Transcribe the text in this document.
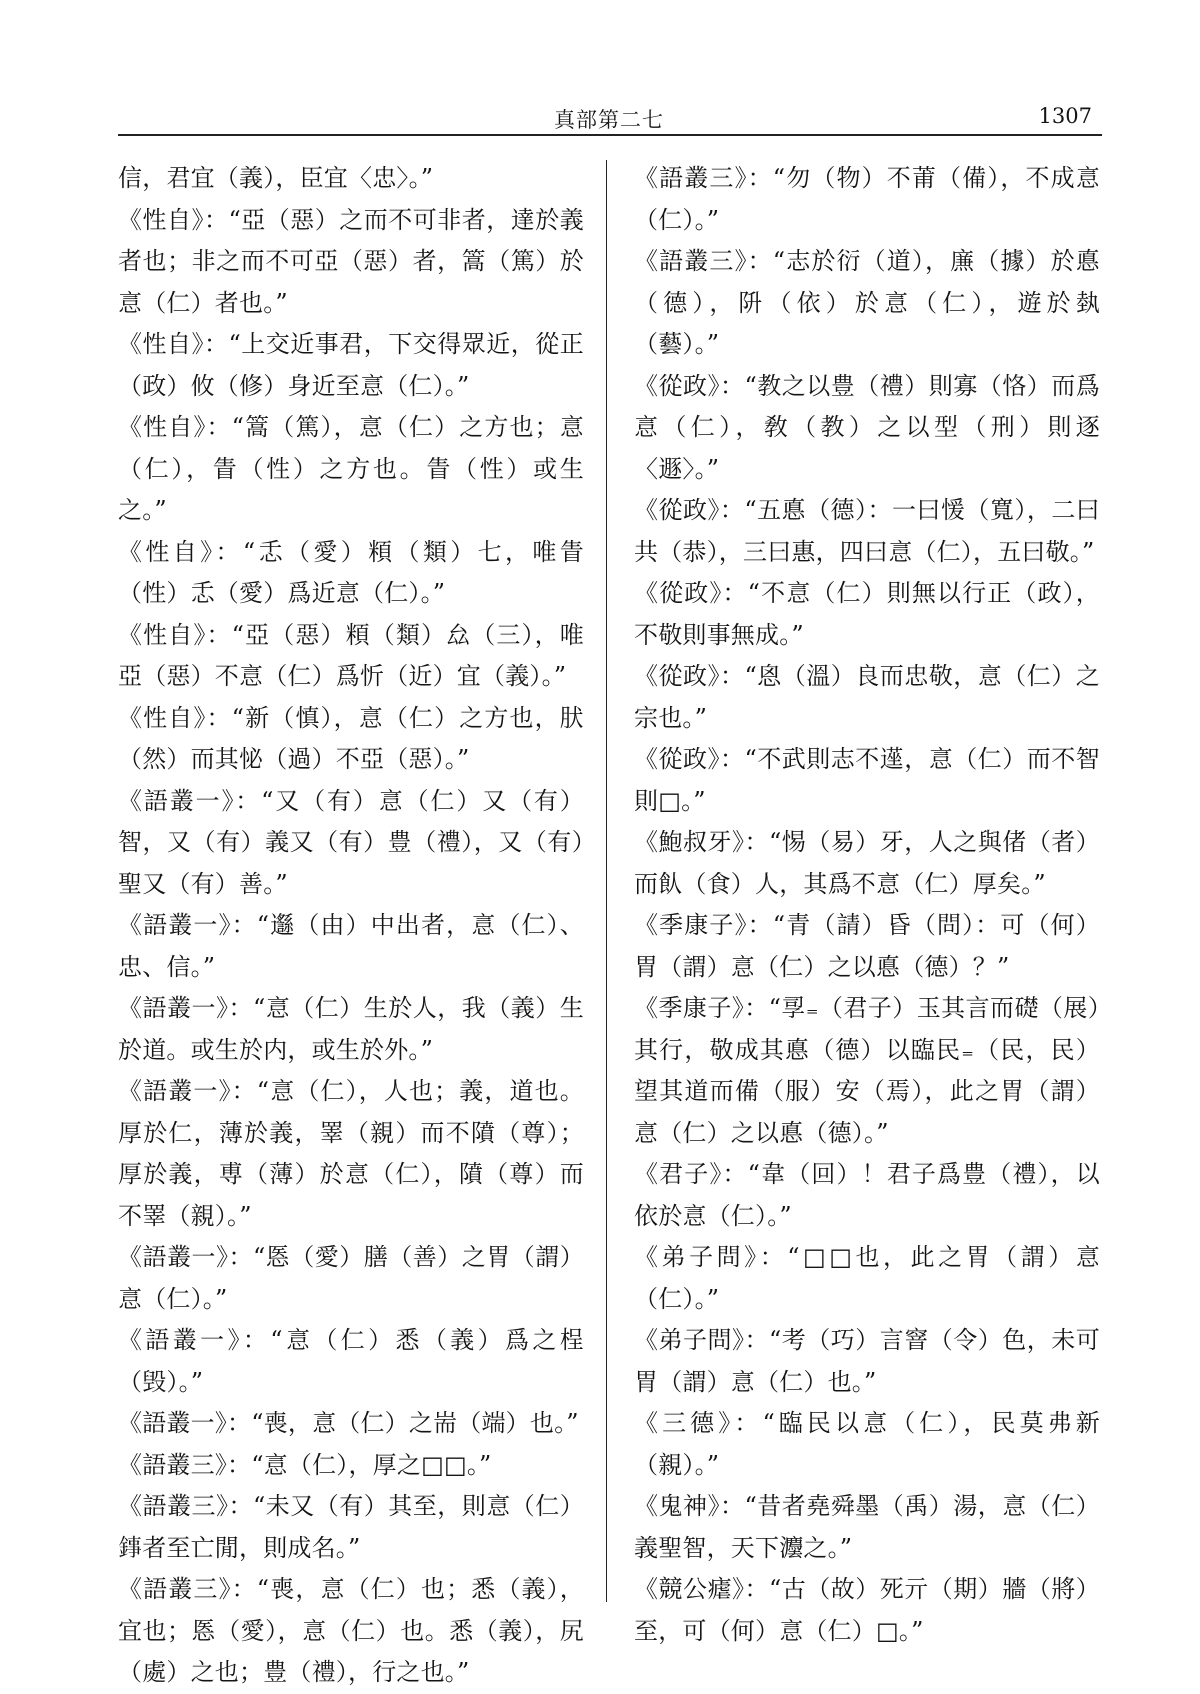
真部第二七	1307

信，君宜（義），臣宜〈忠〉。”

《性自》：“亞（惡）之而不可非者，達於義者也；非之而不可亞（惡）者，篙（篤）於悥（仁）者也。”

《性自》：“上交近事君，下交得眾近，從正（政）攸（修）身近至悥（仁）。”

《性自》：“篙（篤），悥（仁）之方也；悥（仁），眚（性）之方也。眚（性）或生之。”

《性自》：“忎（愛）頪（類）七，唯眚（性）忎（愛）爲近悥（仁）。”

《性自》：“亞（惡）頪（類）厽（三），唯亞（惡）不悥（仁）爲忻（近）宜（義）。”

《性自》：“新（慎），悥（仁）之方也，肰（然）而其怭（過）不亞（惡）。”

《語叢一》：“又（有）悥（仁）又（有）智，又（有）義又（有）豊（禮），又（有）聖又（有）善。”

《語叢一》：“邎（由）中出者，悥（仁）、忠、信。”

《語叢一》：“悥（仁）生於人，我（義）生於道。或生於内，或生於外。”

《語叢一》：“悥（仁），人也；義，道也。厚於仁，薄於義，睪（親）而不隫（尊）；厚於義，尃（薄）於悥（仁），隫（尊）而不睪（親）。”

《語叢一》：“悘（愛）膳（善）之胃（謂）悥（仁）。”

《語叢一》：“悥（仁）悉（義）爲之桯（毁）。”

《語叢一》：“喪，悥（仁）之耑（端）也。”

《語叢三》：“悥（仁），厚之□□。”

《語叢三》：“未又（有）其至，則悥（仁）𨧫者至亡閒，則成名。”

《語叢三》：“喪，悥（仁）也；悉（義），宜也；悘（愛），悥（仁）也。悉（義），尻（處）之也；豊（禮），行之也。”

《語叢三》：“勿（物）不莆（備），不成悥（仁）。”

《語叢三》：“志於衍（道），㢘（據）於悳（德），阩（依）於悥（仁），遊於埶（藝）。”

《從政》：“教之以豊（禮）則寡（恪）而爲悥（仁），敎（教）之以型（刑）則逐〈遯〉。”

《從政》：“五悳（德）：一曰愋（寬），二曰共（恭），三曰惠，四曰悥（仁），五曰敬。”

《從政》：“不悥（仁）則無以行正（政），不敬則事無成。”

《從政》：“恖（溫）良而忠敬，悥（仁）之宗也。”

《從政》：“不武則志不遳，悥（仁）而不智則□。”

《鮑叔牙》：“惕（易）牙，人之與偖（者）而飤（食）人，其爲不悥（仁）厚矣。”

《季康子》：“青（請）昏（問）：可（何）胃（謂）悥（仁）之以悳（德）？”

《季康子》：“孠₌（君子）玉其言而礎（展）其行，敬成其悳（德）以臨民₌（民，民）望其道而備（服）安（焉），此之胃（謂）悥（仁）之以悳（德）。”

《君子》：“韋（回）！君子爲豊（禮），以依於悥（仁）。”

《弟子問》：“□□也，此之胃（謂）悥（仁）。”

《弟子問》：“考（巧）言窨（令）色，未可胃（謂）悥（仁）也。”

《三德》：“臨民以悥（仁），民莫弗新（親）。”

《鬼神》：“昔者堯舜墨（禹）湯，悥（仁）義聖智，天下灋之。”

《競公瘧》：“古（故）死亓（期）牆（將）至，可（何）悥（仁）□。”
